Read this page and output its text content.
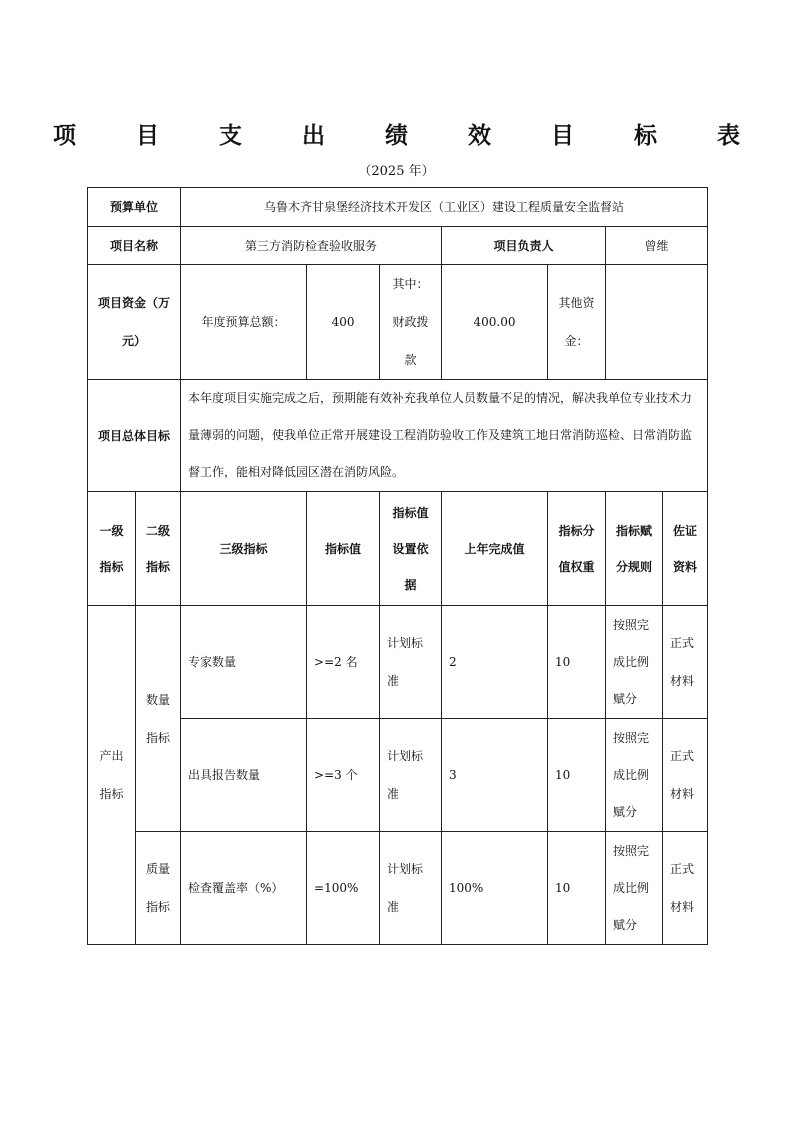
项 目 支 出 绩 效 目 标 表
（2025 年）
预算单位		乌鲁木齐甘泉堡经济技术开发区（工业区）建设工程质量安全监督站						
项目名称		第三方消防检查验收服务			项目负责人		曾维	
项目资金（万元）		年度预算总额：	400	其中：财政拨款	400.00	其他资金：		
项目总体目标		本年度项目实施完成之后，预期能有效补充我单位人员数量不足的情况，解决我单位专业技术力量薄弱的问题，使我单位正常开展建设工程消防验收工作及建筑工地日常消防巡检、日常消防监督工作，能相对降低园区潜在消防风险。						
一级指标	二级指标	三级指标	指标值	指标值设置依据	上年完成值	指标分值权重	指标赋分规则	佐证资料
产出指标	数量指标	专家数量	>=2 名	计划标准	2	10	按照完成比例赋分	正式材料
		出具报告数量	>=3 个	计划标准	3	10	按照完成比例赋分	正式材料
	质量指标	检查覆盖率（%）	=100%	计划标准	100%	10	按照完成比例赋分	正式材料
